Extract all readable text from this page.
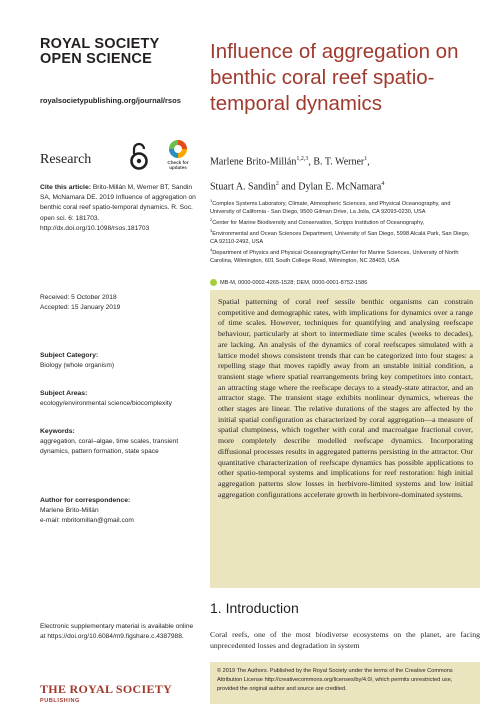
ROYAL SOCIETY
OPEN SCIENCE
royalsocietypublishing.org/journal/rsos
Research	Check for updates
Cite this article: Brito-Millán M, Werner BT, Sandin SA, McNamara DE. 2019 Influence of aggregation on benthic coral reef spatio-temporal dynamics. R. Soc. open sci. 6: 181703. http://dx.doi.org/10.1098/rsos.181703
Received: 5 October 2018
Accepted: 15 January 2019
Subject Category:
Biology (whole organism)
Subject Areas:
ecology/environmental science/biocomplexity
Keywords:
aggregation, coral–algae, time scales, transient dynamics, pattern formation, state space
Author for correspondence:
Marlene Brito-Millán
e-mail: mbritomillan@gmail.com
Electronic supplementary material is available online at https://doi.org/10.6084/m9.figshare.c.4387988.
THE ROYAL SOCIETY
PUBLISHING
Influence of aggregation on benthic coral reef spatio-temporal dynamics
Marlene Brito-Millán$^{1,2,3}$, B. T. Werner$^1$,
Stuart A. Sandin$^2$ and Dylan E. McNamara$^4$
$^1$Complex Systems Laboratory, Climate, Atmospheric Sciences, and Physical Oceanography, and University of California - San Diego, 9500 Gilman Drive, La Jolla, CA 92093-0230, USA
$^2$Center for Marine Biodiversity and Conservation, Scripps Institution of Oceanography,
$^3$Environmental and Ocean Sciences Department, University of San Diego, 5998 Alcalá Park, San Diego, CA 92110-2492, USA
$^4$Department of Physics and Physical Oceanography/Center for Marine Sciences, University of North Carolina, Wilmington, 601 South College Road, Wilmington, NC 28403, USA
MB-M, 0000-0002-4265-1528; DEM, 0000-0001-8752-1586
Spatial patterning of coral reef sessile benthic organisms can constrain competitive and demographic rates, with implications for dynamics over a range of time scales. However, techniques for quantifying and analysing reefscape behaviour, particularly at short to intermediate time scales (weeks to decades), are lacking. An analysis of the dynamics of coral reefscapes simulated with a lattice model shows consistent trends that can be categorized into four stages: a repelling stage that moves rapidly away from an unstable initial condition, a transient stage where spatial rearrangements bring key competitors into contact, an attracting stage where the reefscape decays to a steady-state attractor, and an attractor stage. The transient stage exhibits nonlinear dynamics, whereas the other stages are linear. The relative durations of the stages are affected by the initial spatial configuration as characterized by coral aggregation—a measure of spatial clumpiness, which together with coral and macroalgae fractional cover, more completely describe modelled reefscape dynamics. Incorporating diffusional processes results in aggregated patterns persisting in the attractor. Our quantitative characterization of reefscape dynamics has possible applications to other spatio-temporal systems and implications for reef restoration: high initial aggregation patterns slow losses in herbivore-limited systems and low initial aggregation configurations accelerate growth in herbivore-dominated systems.
1. Introduction
Coral reefs, one of the most biodiverse ecosystems on the planet, are facing unprecedented losses and degradation in system
© 2019 The Authors. Published by the Royal Society under the terms of the Creative Commons Attribution License http://creativecommons.org/licenses/by/4.0/, which permits unrestricted use, provided the original author and source are credited.
